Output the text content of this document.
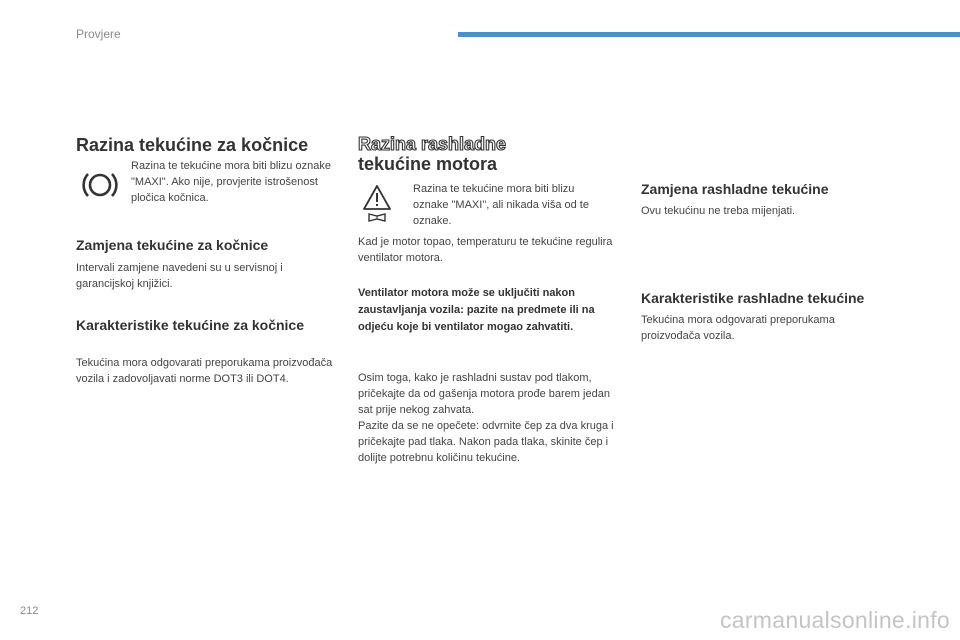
Provjere
Razina tekućine za kočnice

Razina te tekućine mora biti blizu oznake "MAXI". Ako nije, provjerite istrošenost pločica kočnica.

Zamjena tekućine za kočnice

Intervali zamjene navedeni su u servisnoj i garancijskoj knjižici.

Karakteristike tekućine za kočnice

Tekućina mora odgovarati preporukama proizvođača vozila i zadovoljavati norme DOT3 ili DOT4.

Razina rashladne
tekućine motora

Razina te tekućine mora biti blizu oznake "MAXI", ali nikada viša od te oznake.

Kad je motor topao, temperaturu te tekućine regulira ventilator motora.

Ventilator motora može se uključiti nakon zaustavljanja vozila: pazite na predmete ili na odjeću koje bi ventilator mogao zahvatiti.

Osim toga, kako je rashladni sustav pod tlakom, pričekajte da od gašenja motora prođe barem jedan sat prije nekog zahvata.

Pazite da se ne opečete: odvrnite čep za dva kruga i pričekajte pad tlaka. Nakon pada tlaka, skinite čep i dolijte potrebnu količinu tekućine.

Zamjena rashladne tekućine

Ovu tekućinu ne treba mijenjati.

Karakteristike rashladne tekućine

Tekućina mora odgovarati preporukama proizvođača vozila.

212	carmanualsonline.info
